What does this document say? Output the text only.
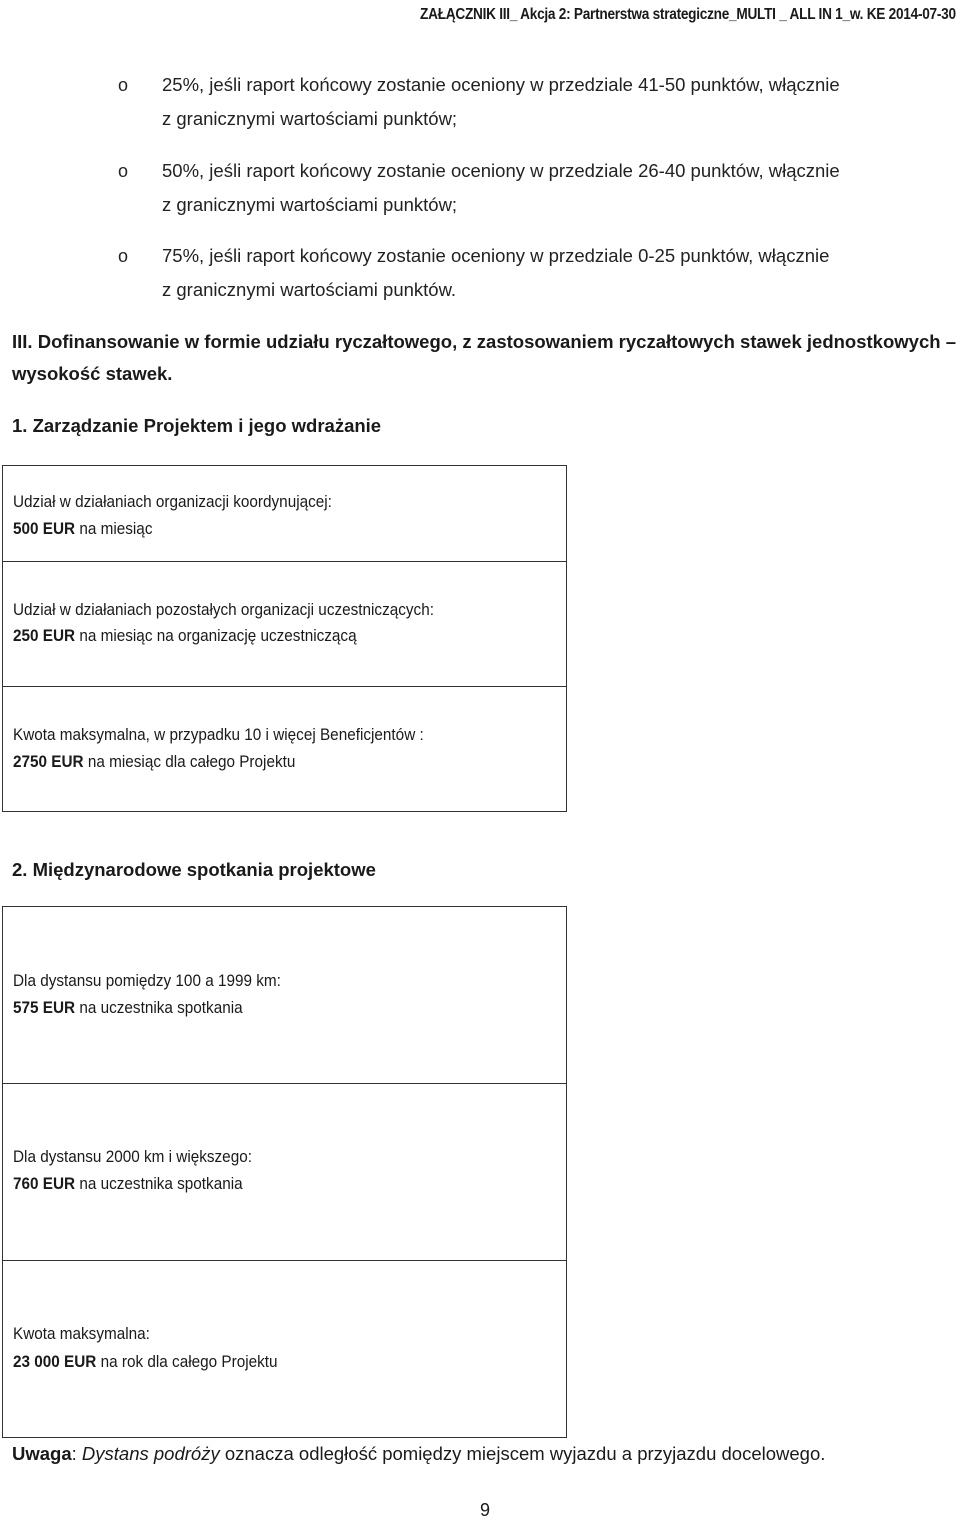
ZAŁĄCZNIK III_ Akcja 2: Partnerstwa strategiczne_MULTI _ ALL IN 1_w. KE 2014-07-30
o 25%, jeśli raport końcowy zostanie oceniony w przedziale 41-50 punktów, włącznie
z granicznymi wartościami punktów;
o 50%, jeśli raport końcowy zostanie oceniony w przedziale 26-40 punktów, włącznie
z granicznymi wartościami punktów;
o 75%, jeśli raport końcowy zostanie oceniony w przedziale 0-25 punktów, włącznie
z granicznymi wartościami punktów.
III. Dofinansowanie w formie udziału ryczałtowego, z zastosowaniem ryczałtowych stawek jednostkowych – wysokość stawek.
1. Zarządzanie Projektem i jego wdrażanie
Udział w działaniach organizacji koordynującej:
500 EUR na miesiąc
Udział w działaniach pozostałych organizacji uczestniczących:
250 EUR na miesiąc na organizację uczestniczącą
Kwota maksymalna, w przypadku 10 i więcej Beneficjentów :
2750 EUR na miesiąc dla całego Projektu
2. Międzynarodowe spotkania projektowe
Dla dystansu pomiędzy 100 a 1999 km:
575 EUR na uczestnika spotkania
Dla dystansu 2000 km i większego:
760 EUR na uczestnika spotkania
Kwota maksymalna:
23 000 EUR na rok dla całego Projektu
Uwaga: Dystans podróży oznacza odległość pomiędzy miejscem wyjazdu a przyjazdu docelowego.
9
